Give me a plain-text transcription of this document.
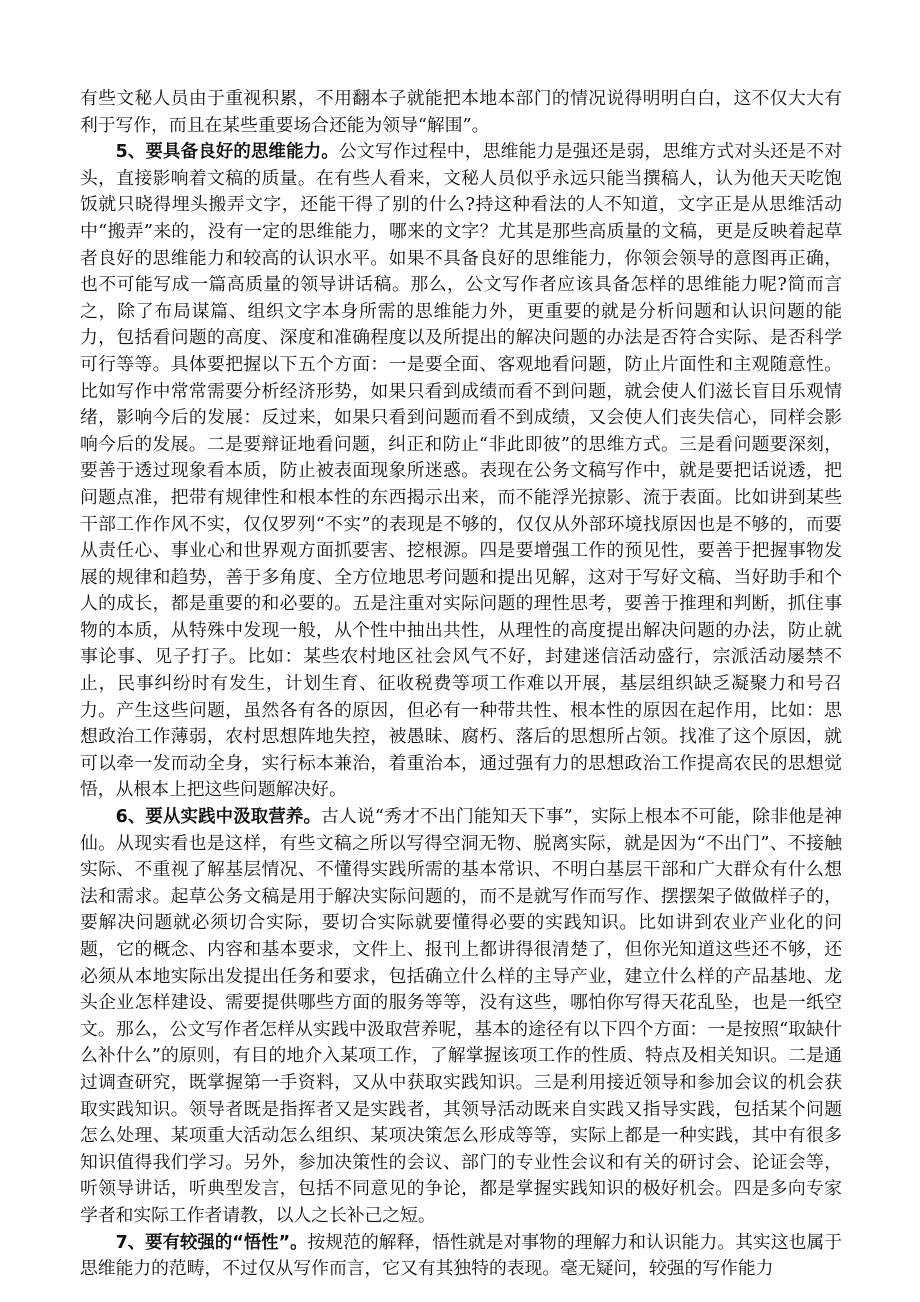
有些文秘人员由于重视积累，不用翻本子就能把本地本部门的情况说得明明白白，这不仅大大有利于写作，而且在某些重要场合还能为领导“解围”。

5、要具备良好的思维能力。公文写作过程中，思维能力是强还是弱，思维方式对头还是不对头，直接影响着文稿的质量。在有些人看来，文秘人员似乎永远只能当撰稿人，认为他天天吃饱饭就只晓得埋头搬弄文字，还能干得了别的什么?持这种看法的人不知道，文字正是从思维活动中“搬弄”来的，没有一定的思维能力，哪来的文字？尤其是那些高质量的文稿，更是反映着起草者良好的思维能力和较高的认识水平。如果不具备良好的思维能力，你领会领导的意图再正确，也不可能写成一篇高质量的领导讲话稿。那么，公文写作者应该具备怎样的思维能力呢?简而言之，除了布局谋篇、组织文字本身所需的思维能力外，更重要的就是分析问题和认识问题的能力，包括看问题的高度、深度和准确程度以及所提出的解决问题的办法是否符合实际、是否科学可行等等。具体要把握以下五个方面：一是要全面、客观地看问题，防止片面性和主观随意性。比如写作中常常需要分析经济形势，如果只看到成绩而看不到问题，就会使人们滋长盲目乐观情绪，影响今后的发展：反过来，如果只看到问题而看不到成绩，又会使人们丧失信心，同样会影响今后的发展。二是要辩证地看问题，纠正和防止“非此即彼”的思维方式。三是看问题要深刻，要善于透过现象看本质，防止被表面现象所迷惑。表现在公务文稿写作中，就是要把话说透，把问题点准，把带有规律性和根本性的东西揭示出来，而不能浮光掠影、流于表面。比如讲到某些干部工作作风不实，仅仅罗列“不实”的表现是不够的，仅仅从外部环境找原因也是不够的，而要从责任心、事业心和世界观方面抓要害、挖根源。四是要增强工作的预见性，要善于把握事物发展的规律和趋势，善于多角度、全方位地思考问题和提出见解，这对于写好文稿、当好助手和个人的成长，都是重要的和必要的。五是注重对实际问题的理性思考，要善于推理和判断，抓住事物的本质，从特殊中发现一般，从个性中抽出共性，从理性的高度提出解决问题的办法，防止就事论事、见子打子。比如：某些农村地区社会风气不好，封建迷信活动盛行，宗派活动屡禁不止，民事纠纷时有发生，计划生育、征收税费等项工作难以开展，基层组织缺乏凝聚力和号召力。产生这些问题，虽然各有各的原因，但必有一种带共性、根本性的原因在起作用，比如：思想政治工作薄弱，农村思想阵地失控，被愚昧、腐朽、落后的思想所占领。找准了这个原因，就可以牵一发而动全身，实行标本兼治，着重治本，通过强有力的思想政治工作提高农民的思想觉悟，从根本上把这些问题解决好。

6、要从实践中汲取营养。古人说“秀才不出门能知天下事”，实际上根本不可能，除非他是神仙。从现实看也是这样，有些文稿之所以写得空洞无物、脱离实际，就是因为“不出门”、不接触实际、不重视了解基层情况、不懂得实践所需的基本常识、不明白基层干部和广大群众有什么想法和需求。起草公务文稿是用于解决实际问题的，而不是就写作而写作、摆摆架子做做样子的，要解决问题就必须切合实际，要切合实际就要懂得必要的实践知识。比如讲到农业产业化的问题，它的概念、内容和基本要求，文件上、报刊上都讲得很清楚了，但你光知道这些还不够，还必须从本地实际出发提出任务和要求，包括确立什么样的主导产业，建立什么样的产品基地、龙头企业怎样建设、需要提供哪些方面的服务等等，没有这些，哪怕你写得天花乱坠，也是一纸空文。那么，公文写作者怎样从实践中汲取营养呢，基本的途径有以下四个方面：一是按照“取缺什么补什么”的原则，有目的地介入某项工作，了解掌握该项工作的性质、特点及相关知识。二是通过调查研究，既掌握第一手资料，又从中获取实践知识。三是利用接近领导和参加会议的机会获取实践知识。领导者既是指挥者又是实践者，其领导活动既来自实践又指导实践，包括某个问题怎么处理、某项重大活动怎么组织、某项决策怎么形成等等，实际上都是一种实践，其中有很多知识值得我们学习。另外，参加决策性的会议、部门的专业性会议和有关的研讨会、论证会等，听领导讲话，听典型发言，包括不同意见的争论，都是掌握实践知识的极好机会。四是多向专家学者和实际工作者请教，以人之长补己之短。

7、要有较强的“悟性”。按规范的解释，悟性就是对事物的理解力和认识能力。其实这也属于思维能力的范畴，不过仅从写作而言，它又有其独特的表现。毫无疑问，较强的写作能力
